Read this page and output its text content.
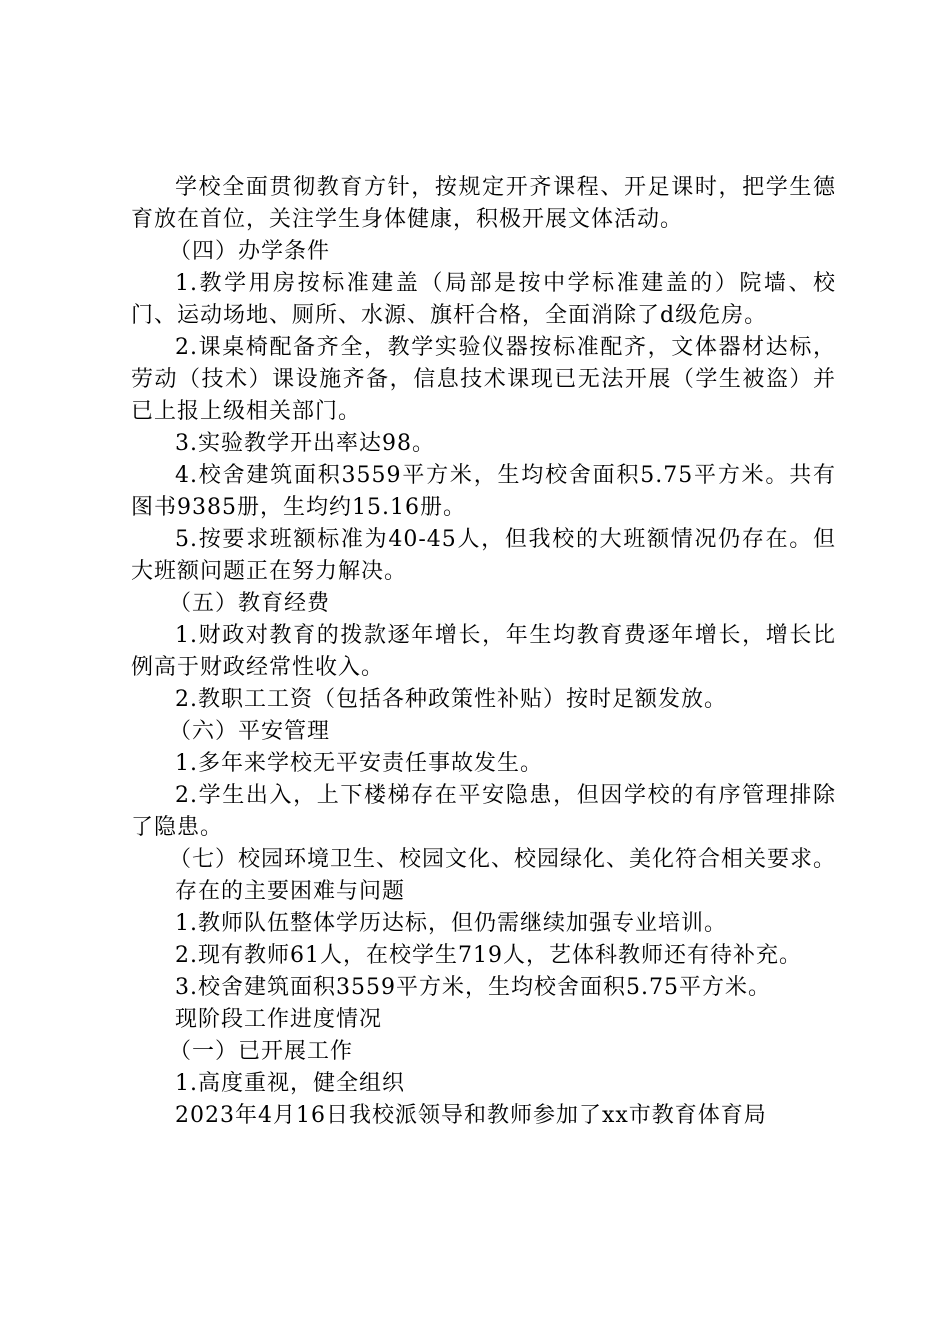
学校全面贯彻教育方针，按规定开齐课程、开足课时，把学生德育放在首位，关注学生身体健康，积极开展文体活动。

（四）办学条件

1.教学用房按标准建盖（局部是按中学标准建盖的）院墙、校门、运动场地、厕所、水源、旗杆合格，全面消除了d级危房。

2.课桌椅配备齐全，教学实验仪器按标准配齐，文体器材达标，劳动（技术）课设施齐备，信息技术课现已无法开展（学生被盗）并已上报上级相关部门。

3.实验教学开出率达98。

4.校舍建筑面积3559平方米，生均校舍面积5.75平方米。共有图书9385册，生均约15.16册。

5.按要求班额标准为40-45人，但我校的大班额情况仍存在。但大班额问题正在努力解决。

（五）教育经费

1.财政对教育的拨款逐年增长，年生均教育费逐年增长，增长比例高于财政经常性收入。

2.教职工工资（包括各种政策性补贴）按时足额发放。

（六）平安管理

1.多年来学校无平安责任事故发生。

2.学生出入，上下楼梯存在平安隐患，但因学校的有序管理排除了隐患。

（七）校园环境卫生、校园文化、校园绿化、美化符合相关要求。

存在的主要困难与问题

1.教师队伍整体学历达标，但仍需继续加强专业培训。

2.现有教师61人，在校学生719人，艺体科教师还有待补充。

3.校舍建筑面积3559平方米，生均校舍面积5.75平方米。

现阶段工作进度情况

（一）已开展工作

1.高度重视，健全组织

2023年4月16日我校派领导和教师参加了xx市教育体育局
